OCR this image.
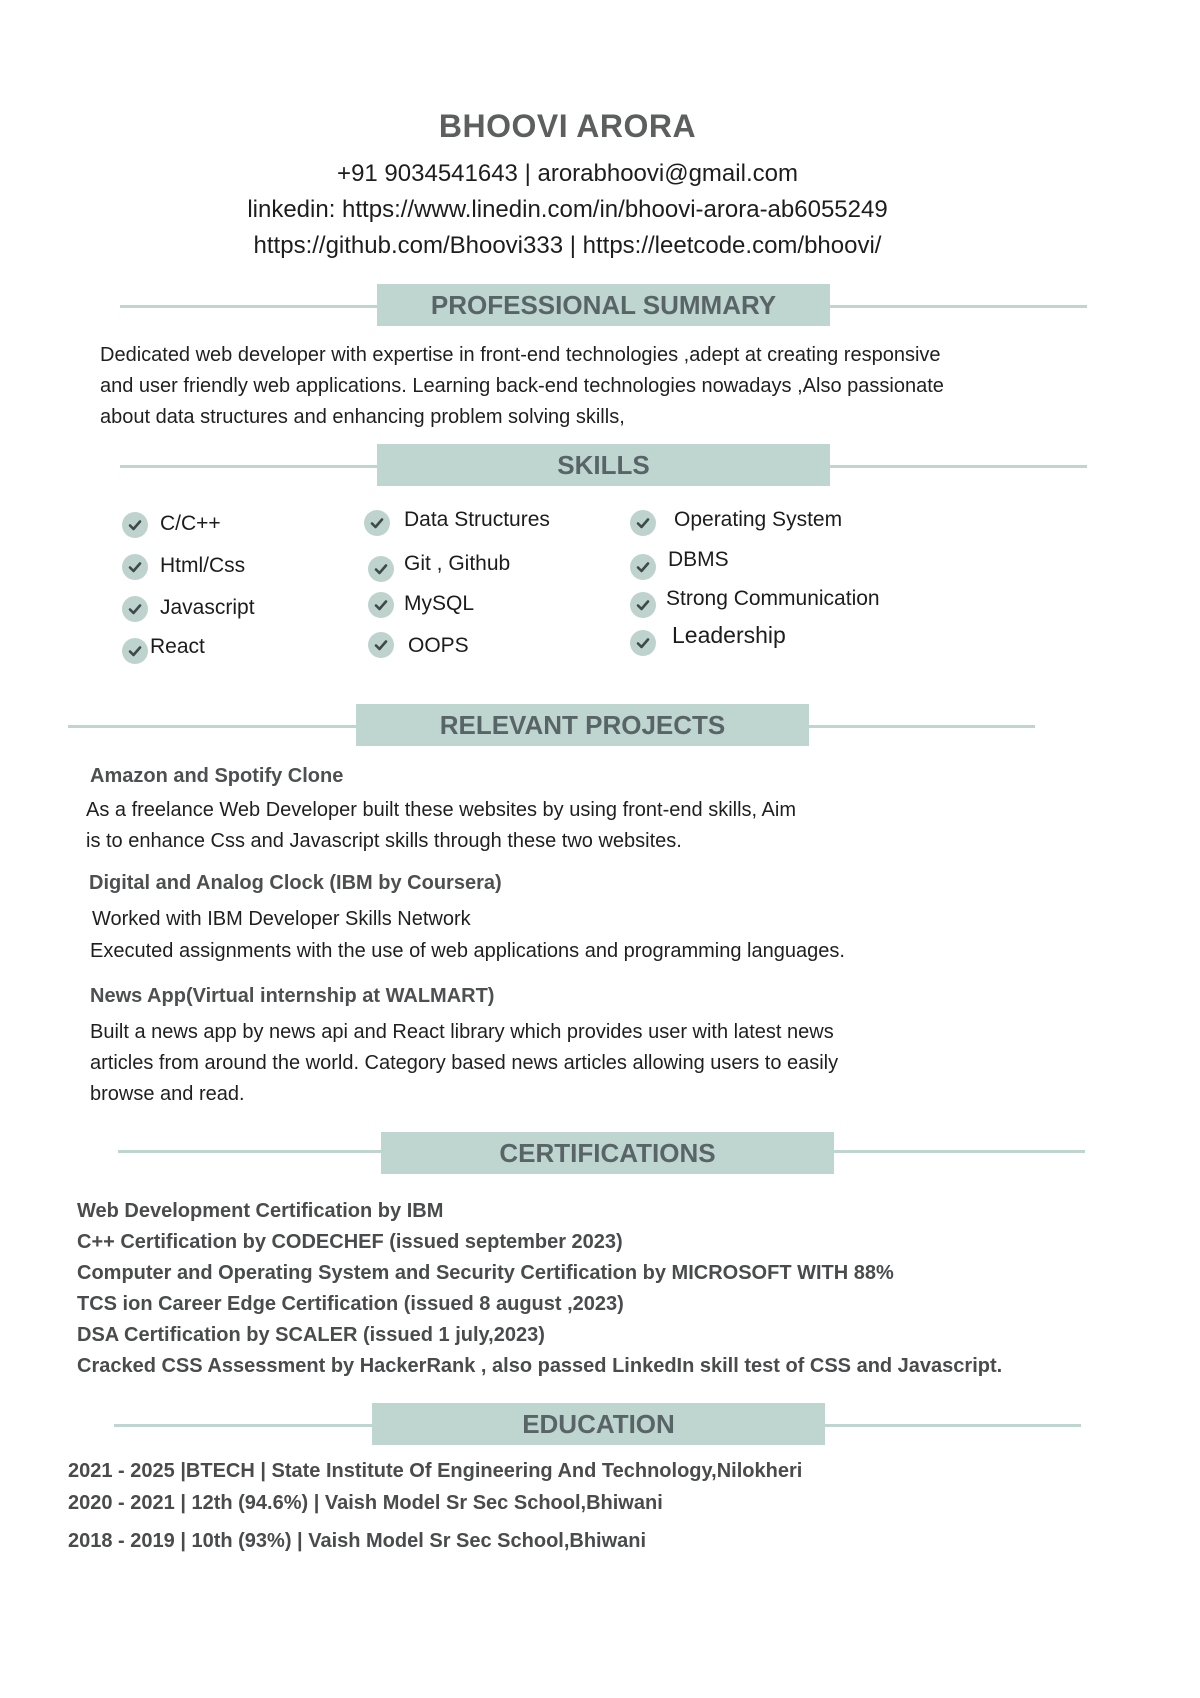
BHOOVI ARORA
+91 9034541643 | arorabhoovi@gmail.com
linkedin: https://www.linedin.com/in/bhoovi-arora-ab6055249
https://github.com/Bhoovi333 | https://leetcode.com/bhoovi/
PROFESSIONAL SUMMARY
Dedicated web developer with expertise in front-end technologies ,adept at creating responsive
and user friendly web applications. Learning back-end technologies nowadays ,Also passionate
about data structures and enhancing problem solving skills,
SKILLS
C/C++
Html/Css
Javascript
React
Data Structures
Git , Github
MySQL
OOPS
Operating System
DBMS
Strong Communication
Leadership
RELEVANT PROJECTS
Amazon and Spotify Clone
As a freelance Web Developer built these websites by using front-end skills, Aim
is to enhance Css and Javascript skills through these two websites.
Digital and Analog Clock (IBM by Coursera)
Worked with IBM Developer Skills Network
Executed assignments with the use of web applications and programming languages.
News App(Virtual internship at WALMART)
Built a news app by news api and React library which provides user with latest news
articles from around the world. Category based news articles allowing users to easily
browse and read.
CERTIFICATIONS
Web Development Certification by IBM
C++ Certification by CODECHEF (issued september 2023)
Computer and Operating System and Security Certification by MICROSOFT WITH 88%
TCS ion Career Edge Certification (issued 8 august ,2023)
DSA Certification by SCALER (issued 1 july,2023)
Cracked CSS Assessment by HackerRank , also passed LinkedIn skill test of CSS and Javascript.
EDUCATION
2021 - 2025 |BTECH | State Institute Of Engineering And Technology,Nilokheri
2020 - 2021 | 12th (94.6%) | Vaish Model Sr Sec School,Bhiwani
2018 - 2019 | 10th (93%) | Vaish Model Sr Sec School,Bhiwani
